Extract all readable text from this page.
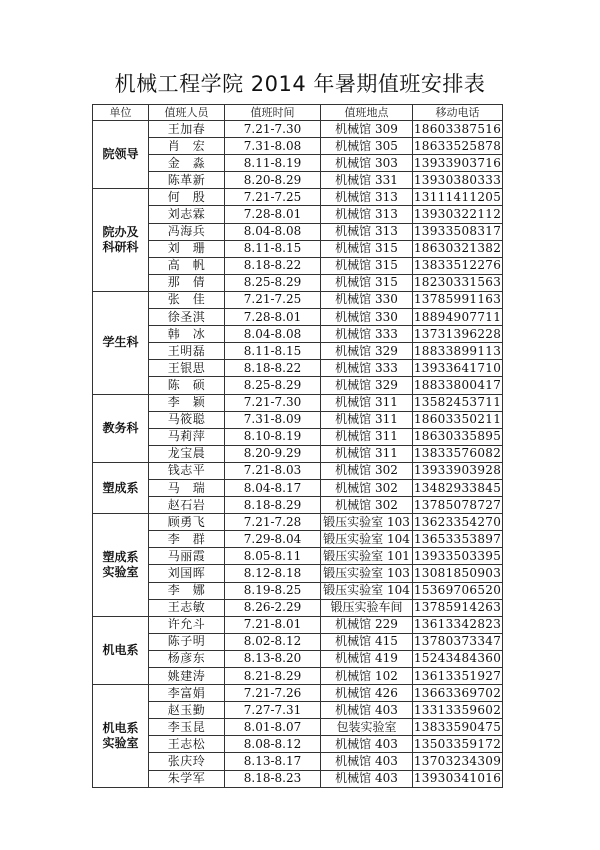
机械工程学院 2014 年暑期值班安排表
单位	值班人员	值班时间	值班地点	移动电话

院领导	王加春	7.21-7.30	机械馆 309	18603387516
	肖　宏	7.31-8.08	机械馆 305	18633525878
	金　淼	8.11-8.19	机械馆 303	13933903716
	陈革新	8.20-8.29	机械馆 331	13930380333

院办及
科研科	何　殷	7.21-7.25	机械馆 313	13111411205
	刘志霖	7.28-8.01	机械馆 313	13930322112
	冯海兵	8.04-8.08	机械馆 313	13933508317
	刘　珊	8.11-8.15	机械馆 315	18630321382
	高　帆	8.18-8.22	机械馆 315	13833512276
	那　倩	8.25-8.29	机械馆 315	18230331563

学生科	张　佳	7.21-7.25	机械馆 330	13785991163
	徐圣淇	7.28-8.01	机械馆 330	18894907711
	韩　冰	8.04-8.08	机械馆 333	13731396228
	王明磊	8.11-8.15	机械馆 329	18833899113
	王银思	8.18-8.22	机械馆 333	13933641710
	陈　硕	8.25-8.29	机械馆 329	18833800417

教务科	李　颖	7.21-7.30	机械馆 311	13582453711
	马筱聪	7.31-8.09	机械馆 311	18603350211
	马莉萍	8.10-8.19	机械馆 311	18630335895
	龙宝晨	8.20-9.29	机械馆 311	13833576082

塑成系	钱志平	7.21-8.03	机械馆 302	13933903928
	马　瑞	8.04-8.17	机械馆 302	13482933845
	赵石岩	8.18-8.29	机械馆 302	13785078727

塑成系
实验室	顾勇飞	7.21-7.28	锻压实验室 103	13623354270
	李　群	7.29-8.04	锻压实验室 104	13653353897
	马丽霞	8.05-8.11	锻压实验室 101	13933503395
	刘国晖	8.12-8.18	锻压实验室 103	13081850903
	李　娜	8.19-8.25	锻压实验室 104	15369706520
	王志敏	8.26-2.29	锻压实验车间	13785914263

机电系	许允斗	7.21-8.01	机械馆 229	13613342823
	陈子明	8.02-8.12	机械馆 415	13780373347
	杨彦东	8.13-8.20	机械馆 419	15243484360
	姚建涛	8.21-8.29	机械馆 102	13613351927

机电系
实验室	李富娟	7.21-7.26	机械馆 426	13663369702
	赵玉勤	7.27-7.31	机械馆 403	13313359602
	李玉昆	8.01-8.07	包装实验室	13833590475
	王志松	8.08-8.12	机械馆 403	13503359172
	张庆玲	8.13-8.17	机械馆 403	13703234309
	朱学军	8.18-8.23	机械馆 403	13930341016
